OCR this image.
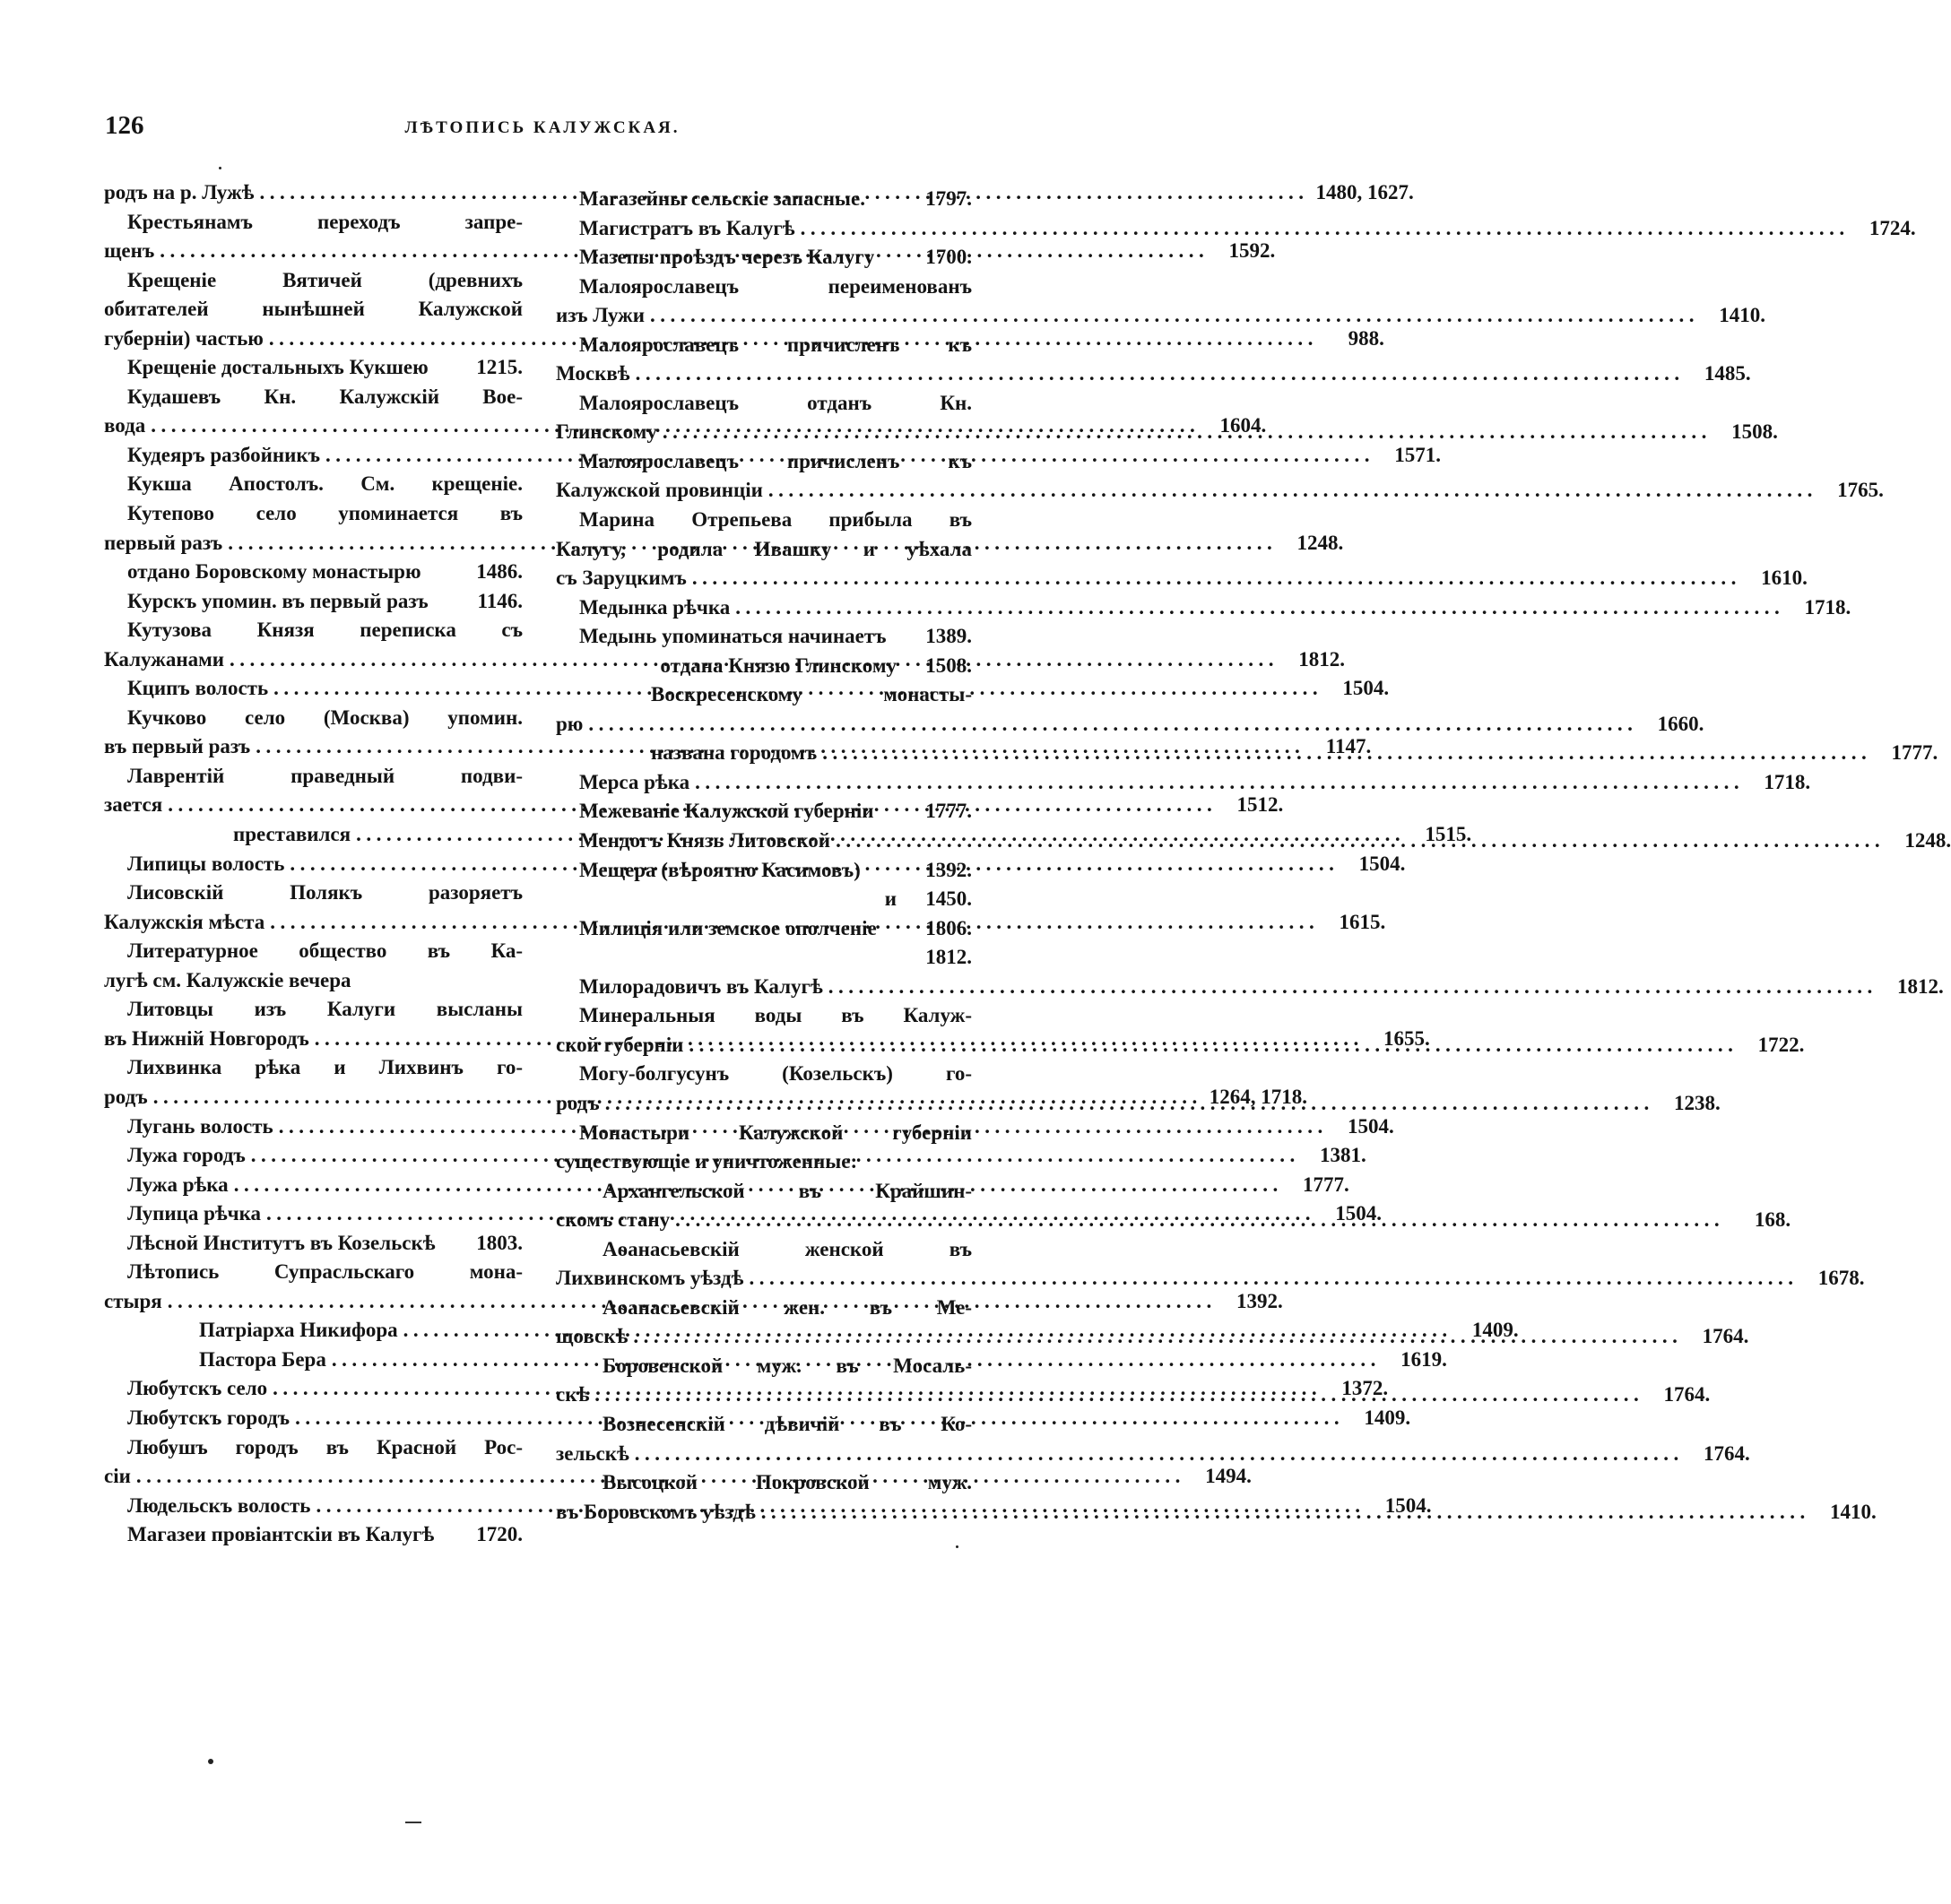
126	ЛѢТОПИСЬ КАЛУЖСКАЯ.
родъ на р. Лужѣ .....	1480, 1627.
Крестьянамъ переходъ запре-
щенъ .....	1592.
Крещеніе Вятичей (древнихъ
обитателей нынѣшней Калужской
губерніи) частью .....	988.
Крещеніе достальныхъ Кукшею	1215.
Кудашевъ Кн. Калужскій Вое-
вода .....	1604.
Кудеяръ разбойникъ .....	1571.
Кукша Апостолъ. См. крещеніе.
Кутепово село упоминается въ
первый разъ .....	1248.
отдано Боровскому монастырю	1486.
Курскъ упомин. въ первый разъ	1146.
Кутузова Князя переписка съ
Калужанами .....	1812.
Кципъ волость .....	1504.
Кучково село (Москва) упомин.
въ первый разъ .....	1147.
Лаврентій праведный подви-
зается .....	1512.
преставился .....	1515.
Липицы волость .....	1504.
Лисовскій Полякъ разоряетъ
Калужскія мѣста .....	1615.
Литературное общество въ Ка-
лугѣ см. Калужскіе вечера
Литовцы изъ Калуги высланы
въ Нижній Новгородъ .....	1655.
Лихвинка рѣка и Лихвинъ го-
родъ .....	1264, 1718.
Лугань волость .....	1504.
Лужа городъ .....	1381.
Лужа рѣка .....	1777.
Лупица рѣчка .....	1504.
Лѣсной Институтъ въ Козельскѣ	1803.
Лѣтопись Супрасльскаго мона-
стыря .....	1392.
Патріарха Никифора .....	1409.
Пастора Бера .....	1619.
Любутскъ село .....	1372.
Любутскъ городъ .....	1409.
Любушъ городъ въ Красной Рос-
сіи .....	1494.
Людельскъ волость .....	1504.
Магазеи провіантскіи въ Калугѣ	1720.
Магазейны сельскіе запасные.	1797.
Магистратъ въ Калугѣ .....	1724.
Мазепы проѣздъ черезъ Калугу	1700.
Малоярославецъ переименованъ
изъ Лужи .....	1410.
Малоярославецъ причисленъ къ
Москвѣ .....	1485.
Малоярославецъ отданъ Кн.
Глинскому .....	1508.
Малоярославецъ причисленъ къ
Калужской провинціи .....	1765.
Марина Отрепьева прибыла въ
Калугу, родила Ивашку и уѣхала
съ Заруцкимъ .....	1610.
Медынка рѣчка .....	1718.
Медынь упоминаться начинаетъ	1389.
отдана Князю Глинскому	1508.
Воскресенскому монасты-
рю .....	1660.
названа городомъ .....	1777.
Мерса рѣка .....	1718.
Межеваніе Калужской губерніи	1777.
Мендогъ Князь Литовской .....	1248.
Мещера (вѣроятно Касимовъ)	1392.
и	1450.
Милиція или земское ополченіе	1806.
1812.
Милорадовичъ въ Калугѣ .....	1812.
Минеральныя воды въ Калуж-
ской губерніи .....	1722.
Могу-болгусунъ (Козельскъ) го-
родъ .....	1238.
Монастыри Калужской губерніи
существующіе и уничтоженные:
Архангельской въ Крайшин-
скомъ стану .....	168.
Аѳанасьевскій женской въ
Лихвинскомъ уѣздѣ .....	1678.
Аѳанасьевскій жен. въ Ме-
щовскѣ .....	1764.
Боровенской муж. въ Мосаль-
скѣ .....	1764.
Вознесенскій дѣвичій въ Ко-
зельскѣ .....	1764.
Высоцкой Покровской муж.
въ Боровскомъ уѣздѣ .....	1410.
